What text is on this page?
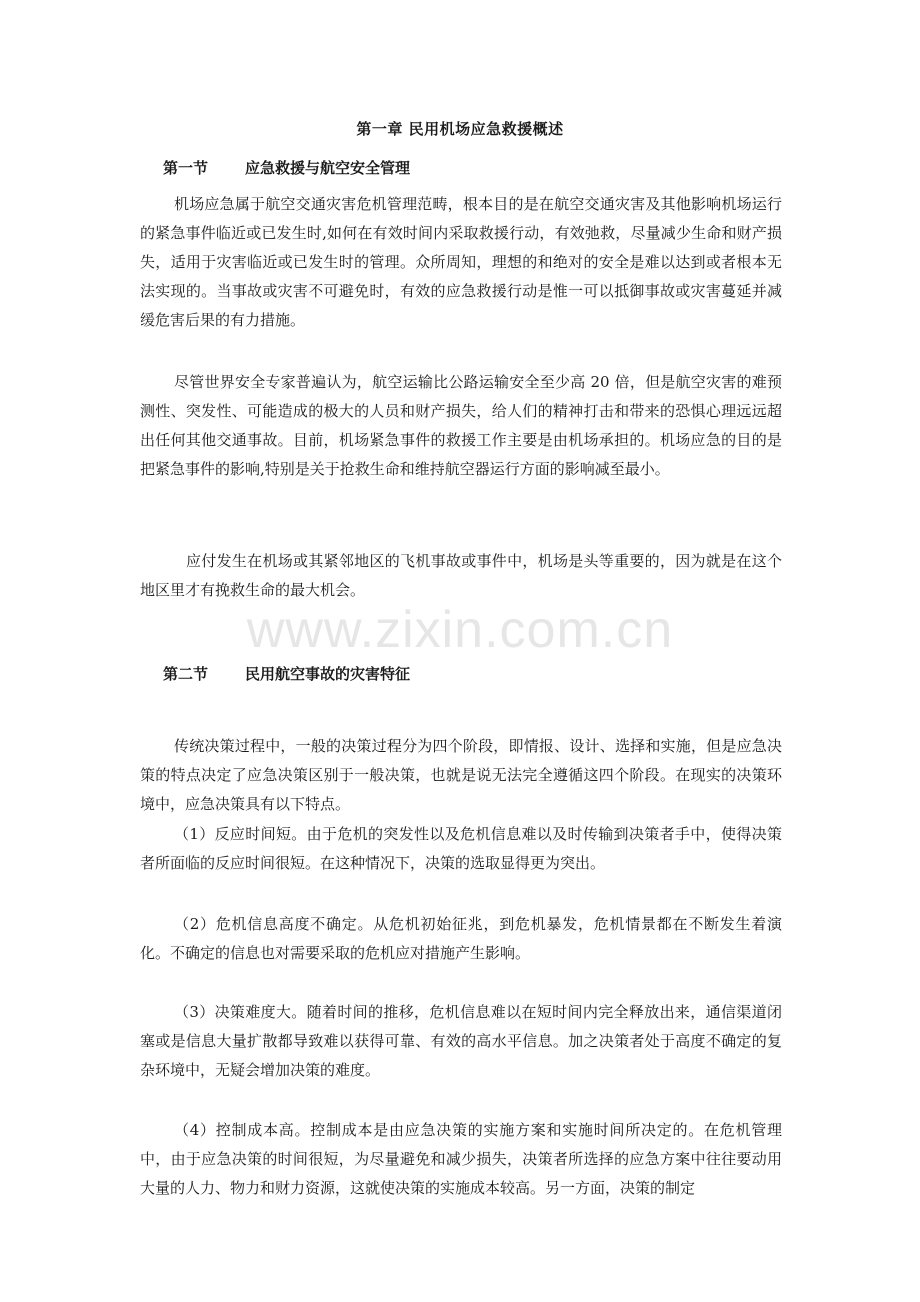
第一章 民用机场应急救援概述
第一节 应急救援与航空安全管理

机场应急属于航空交通灾害危机管理范畴，根本目的是在航空交通灾害及其他影响机场运行的紧急事件临近或已发生时,如何在有效时间内采取救援行动，有效弛救，尽量减少生命和财产损失，适用于灾害临近或已发生时的管理。众所周知，理想的和绝对的安全是难以达到或者根本无法实现的。当事故或灾害不可避免时，有效的应急救援行动是惟一可以抵御事故或灾害蔓延并减缓危害后果的有力措施。

尽管世界安全专家普遍认为，航空运输比公路运输安全至少高 20 倍，但是航空灾害的难预测性、突发性、可能造成的极大的人员和财产损失，给人们的精神打击和带来的恐惧心理远远超出任何其他交通事故。目前，机场紧急事件的救援工作主要是由机场承担的。机场应急的目的是把紧急事件的影响,特别是关于抢救生命和维持航空器运行方面的影响减至最小。

应付发生在机场或其紧邻地区的飞机事故或事件中，机场是头等重要的，因为就是在这个地区里才有挽救生命的最大机会。

www.zixin.com.cn
第二节 民用航空事故的灾害特征

传统决策过程中，一般的决策过程分为四个阶段，即情报、设计、选择和实施，但是应急决策的特点决定了应急决策区别于一般决策，也就是说无法完全遵循这四个阶段。在现实的决策环境中，应急决策具有以下特点。

（1）反应时间短。由于危机的突发性以及危机信息难以及时传输到决策者手中，使得决策者所面临的反应时间很短。在这种情况下，决策的选取显得更为突出。

（2）危机信息高度不确定。从危机初始征兆，到危机暴发，危机情景都在不断发生着演化。不确定的信息也对需要采取的危机应对措施产生影响。

（3）决策难度大。随着时间的推移，危机信息难以在短时间内完全释放出来，通信渠道闭塞或是信息大量扩散都导致难以获得可靠、有效的高水平信息。加之决策者处于高度不确定的复杂环境中，无疑会增加决策的难度。

（4）控制成本高。控制成本是由应急决策的实施方案和实施时间所决定的。在危机管理中，由于应急决策的时间很短，为尽量避免和减少损失，决策者所选择的应急方案中往往要动用大量的人力、物力和财力资源，这就使决策的实施成本较高。另一方面，决策的制定
